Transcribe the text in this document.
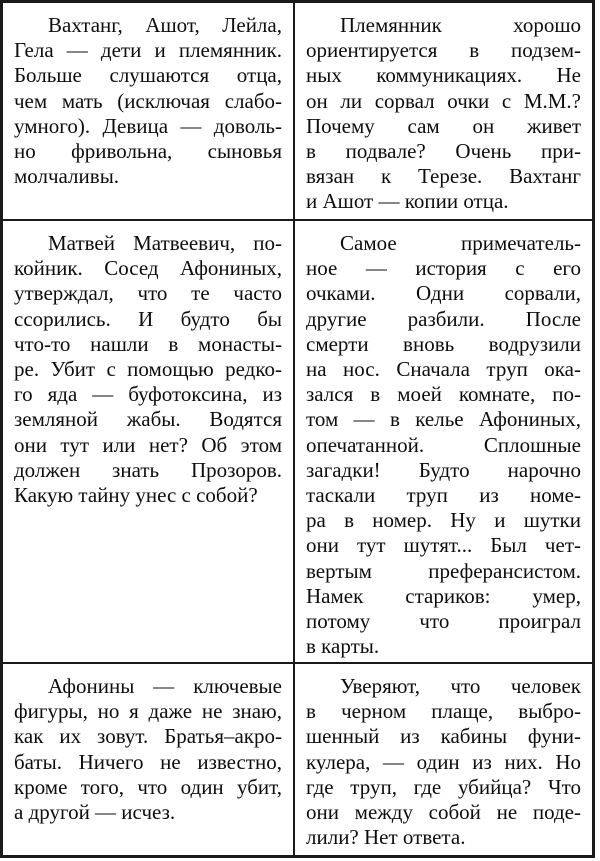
Вахтанг, Ашот, Лейла,
Гела — дети и племянник.
Больше слушаются отца,
чем мать (исключая слабо-
умного). Девица — доволь-
но фривольна, сыновья
молчаливы.
Племянник хорошо
ориентируется в подзем-
ных коммуникациях. Не
он ли сорвал очки с М.М.?
Почему сам он живет
в подвале? Очень при-
вязан к Терезе. Вахтанг
и Ашот — копии отца.
Матвей Матвеевич, по-
койник. Сосед Афониных,
утверждал, что те часто
ссорились. И будто бы
что-то нашли в монасты-
ре. Убит с помощью редко-
го яда — буфотоксина, из
земляной жабы. Водятся
они тут или нет? Об этом
должен знать Прозоров.
Какую тайну унес с собой?
Самое примечатель-
ное — история с его
очками. Одни сорвали,
другие разбили. После
смерти вновь водрузили
на нос. Сначала труп ока-
зался в моей комнате, по-
том — в келье Афониных,
опечатанной. Сплошные
загадки! Будто нарочно
таскали труп из номе-
ра в номер. Ну и шутки
они тут шутят... Был чет-
вертым преферансистом.
Намек стариков: умер,
потому что проиграл
в карты.
Афонины — ключевые
фигуры, но я даже не знаю,
как их зовут. Братья–акро-
баты. Ничего не известно,
кроме того, что один убит,
а другой — исчез.
Уверяют, что человек
в черном плаще, выбро-
шенный из кабины фуни-
кулера, — один из них. Но
где труп, где убийца? Что
они между собой не поде-
лили? Нет ответа.
